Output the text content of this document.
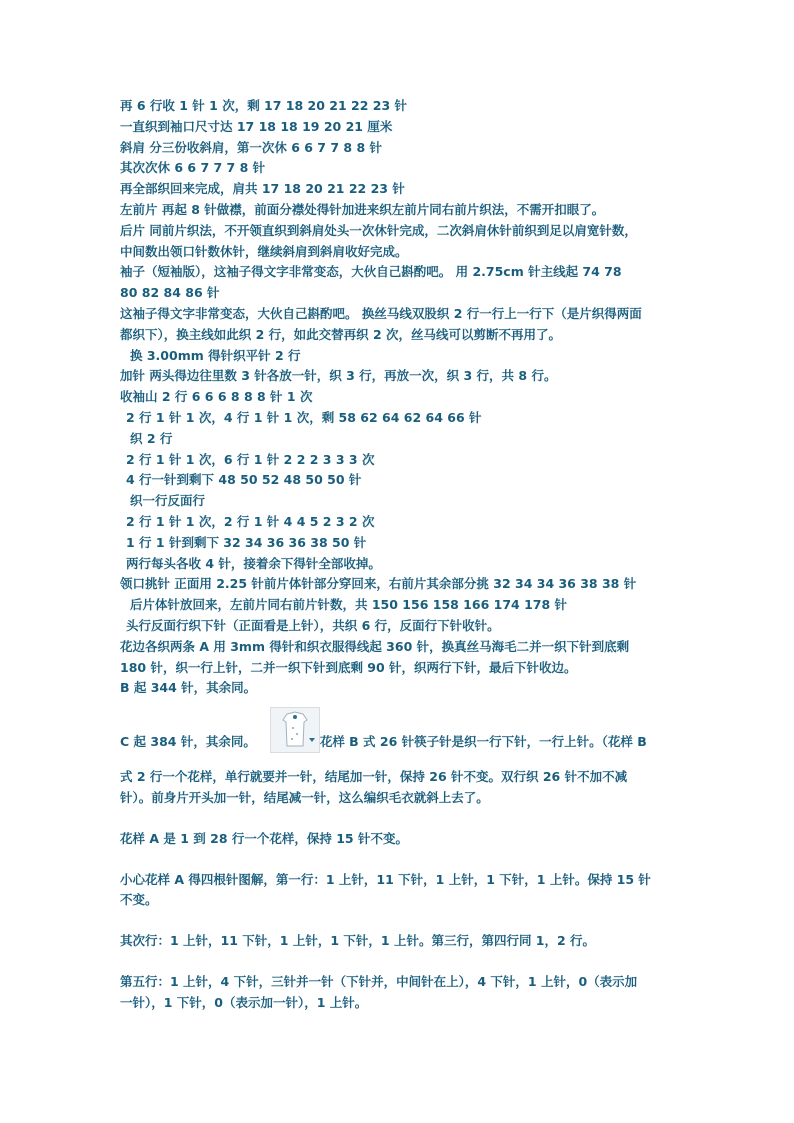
再 6 行收 1 针 1 次，剩 17 18 20 21 22 23 针
一直织到袖口尺寸达 17 18 18 19 20 21 厘米
斜肩 分三份收斜肩，第一次休 6 6 7 7 8 8 针
其次次休 6 6 7 7 7 8 针
再全部织回来完成，肩共 17 18 20 21 22 23 针
左前片 再起 8 针做襟，前面分襟处得针加进来织左前片同右前片织法，不需开扣眼了。
后片 同前片织法，不开领直织到斜肩处头一次休针完成，二次斜肩休针前织到足以肩宽针数，
中间数出领口针数休针，继续斜肩到斜肩收好完成。
袖子（短袖版），这袖子得文字非常变态，大伙自己斟酌吧。 用 2.75cm 针主线起 74 78
80 82 84 86 针
这袖子得文字非常变态，大伙自己斟酌吧。 换丝马线双股织 2 行一行上一行下（是片织得两面
都织下），换主线如此织 2 行，如此交替再织 2 次，丝马线可以剪断不再用了。
换 3.00mm 得针织平针 2 行
加针 两头得边往里数 3 针各放一针，织 3 行，再放一次，织 3 行，共 8 行。
收袖山 2 行 6 6 6 8 8 8 针 1 次
2 行 1 针 1 次，4 行 1 针 1 次，剩 58 62 64 62 64 66 针
织 2 行
2 行 1 针 1 次，6 行 1 针 2 2 2 3 3 3 次
4 行一针到剩下 48 50 52 48 50 50 针
织一行反面行
2 行 1 针 1 次，2 行 1 针 4 4 5 2 3 2 次
1 行 1 针到剩下 32 34 36 36 38 50 针
两行每头各收 4 针，接着余下得针全部收掉。
领口挑针 正面用 2.25 针前片体针部分穿回来，右前片其余部分挑 32 34 34 36 38 38 针
后片体针放回来，左前片同右前片针数，共 150 156 158 166 174 178 针
头行反面行织下针（正面看是上针），共织 6 行，反面行下针收针。
花边各织两条 A 用 3mm 得针和织衣服得线起 360 针，换真丝马海毛二并一织下针到底剩
180 针，织一行上针，二并一织下针到底剩 90 针，织两行下针，最后下针收边。
B 起 344 针，其余同。
C 起 384 针，其余同。	花样 B 式 26 针筷子针是织一行下针，一行上针。（花样 B
式 2 行一个花样，单行就要并一针，结尾加一针，保持 26 针不变。双行织 26 针不加不减
针）。前身片开头加一针，结尾减一针，这么编织毛衣就斜上去了。
花样 A 是 1 到 28 行一个花样，保持 15 针不变。
小心花样 A 得四根针图解，第一行：1 上针，11 下针，1 上针，1 下针，1 上针。保持 15 针
不变。
其次行：1 上针，11 下针，1 上针，1 下针，1 上针。第三行，第四行同 1，2 行。
第五行：1 上针，4 下针，三针并一针（下针并，中间针在上），4 下针，1 上针，0（表示加
一针），1 下针，0（表示加一针），1 上针。
